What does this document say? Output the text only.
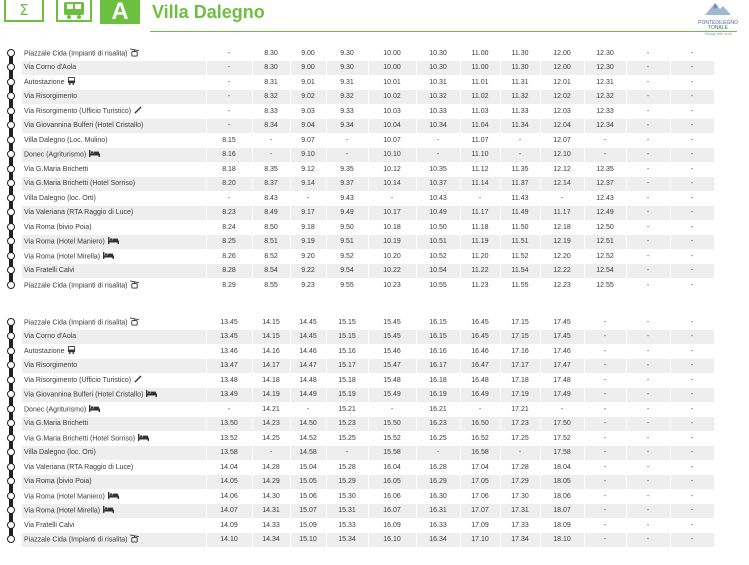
Σ	A	Villa Dalegno
PONTEDILEGNO TONALE
Skiing with soul
Piazzale Cida (Impianti di risalita)	-	8.30	9.00	9.30	10.00	10.30	11.00	11.30	12.00	12.30	-	-
Via Corno d'Aola	-	8.30	9.00	9.30	10.00	10.30	11.00	11.30	12.00	12.30	-	-
Autostazione	-	8.31	9.01	9.31	10.01	10.31	11.01	11.31	12.01	12.31	-	-
Via Risorgimento	-	8.32	9.02	9.32	10.02	10.32	11.02	11.32	12.02	12.32	-	-
Via Risorgimento (Ufficio Turistico)	-	8.33	9.03	9.33	10.03	10.33	11.03	11.33	12.03	12.33	-	-
Via Giovannina Bulferi (Hotel Cristallo)	-	8.34	9.04	9.34	10.04	10.34	11.04	11.34	12.04	12.34	-	-
Villa Dalegno (Loc. Mulino)	8.15	-	9.07	-	10.07	-	11.07	-	12.07	-	-	-
Donec (Agriturismo)	8.16	-	9.10	-	10.10	-	11.10	-	12.10	-	-	-
Via G.Maria Brichetti	8.18	8.35	9.12	9.35	10.12	10.35	11.12	11.35	12.12	12.35	-	-
Via G.Maria Brichetti (Hotel Sorriso)	8.20	8.37	9.14	9.37	10.14	10.37	11.14	11.37	12.14	12.37	-	-
Villa Dalegno (loc. Orti)	-	8.43	-	9.43	-	10.43	-	11.43	-	12.43	-	-
Via Valeriana (RTA Raggio di Luce)	8.23	8.49	9.17	9.49	10.17	10.49	11.17	11.49	11.17	12.49	-	-
Via Roma (bivio Poia)	8.24	8.50	9.18	9.50	10.18	10.50	11.18	11.50	12.18	12.50	-	-
Via Roma (Hotel Maniero)	8.25	8.51	9.19	9.51	10.19	10.51	11.19	11.51	12.19	12.51	-	-
Via Roma (Hotel Mirella)	8.26	8.52	9.20	9.52	10.20	10.52	11.20	11.52	12.20	12.52	-	-
Via Fratelli Calvi	8.28	8.54	9.22	9.54	10.22	10.54	11.22	11.54	12.22	12.54	-	-
Piazzale Cida (Impianti di risalita)	8.29	8.55	9.23	9.55	10.23	10.55	11.23	11.55	12.23	12.55	-	-
Piazzale Cida (Impianti di risalita)	13.45	14.15	14.45	15.15	15.45	16.15	16.45	17.15	17.45	-	-	-
Via Corno d'Aola	13.45	14.15	14.45	15.15	15.45	16.15	16.45	17.15	17.45	-	-	-
Autostazione	13.46	14.16	14.46	15.16	15.46	16.16	16.46	17.16	17.46	-	-	-
Via Risorgimento	13.47	14.17	14.47	15.17	15.47	16.17	16.47	17.17	17.47	-	-	-
Via Risorgimento (Ufficio Turistico)	13.48	14.18	14.48	15.18	15.48	16.18	16.48	17.18	17.48	-	-	-
Via Giovannina Bulferi (Hotel Cristallo)	13.49	14.19	14.49	15.19	15.49	16.19	16.49	17.19	17.49	-	-	-
Donec (Agriturismo)	-	14.21	-	15.21	-	16.21	-	17.21	-	-	-	-
Via G.Maria Brichetti	13.50	14.23	14.50	15.23	15.50	16.23	16.50	17.23	17.50	-	-	-
Via G.Maria Brichetti (Hotel Sorriso)	13.52	14.25	14.52	15.25	15.52	16.25	16.52	17.25	17.52	-	-	-
Villa Dalegno (loc. Orti)	13.58	-	14.58	-	15.58	-	16.58	-	17.58	-	-	-
Via Valeriana (RTA Raggio di Luce)	14.04	14.28	15.04	15.28	16.04	16.28	17.04	17.28	18.04	-	-	-
Via Roma (bivio Poia)	14.05	14.29	15.05	15.29	16.05	16.29	17.05	17.29	18.05	-	-	-
Via Roma (Hotel Maniero)	14.06	14.30	15.06	15.30	16.06	16.30	17.06	17.30	18.06	-	-	-
Via Roma (Hotel Mirella)	14.07	14.31	15.07	15.31	16.07	16.31	17.07	17.31	18.07	-	-	-
Via Fratelli Calvi	14.09	14.33	15.09	15.33	16.09	16.33	17.09	17.33	18.09	-	-	-
Piazzale Cida (Impianti di risalita)	14.10	14.34	15.10	15.34	16.10	16.34	17.10	17.34	18.10	-	-	-
